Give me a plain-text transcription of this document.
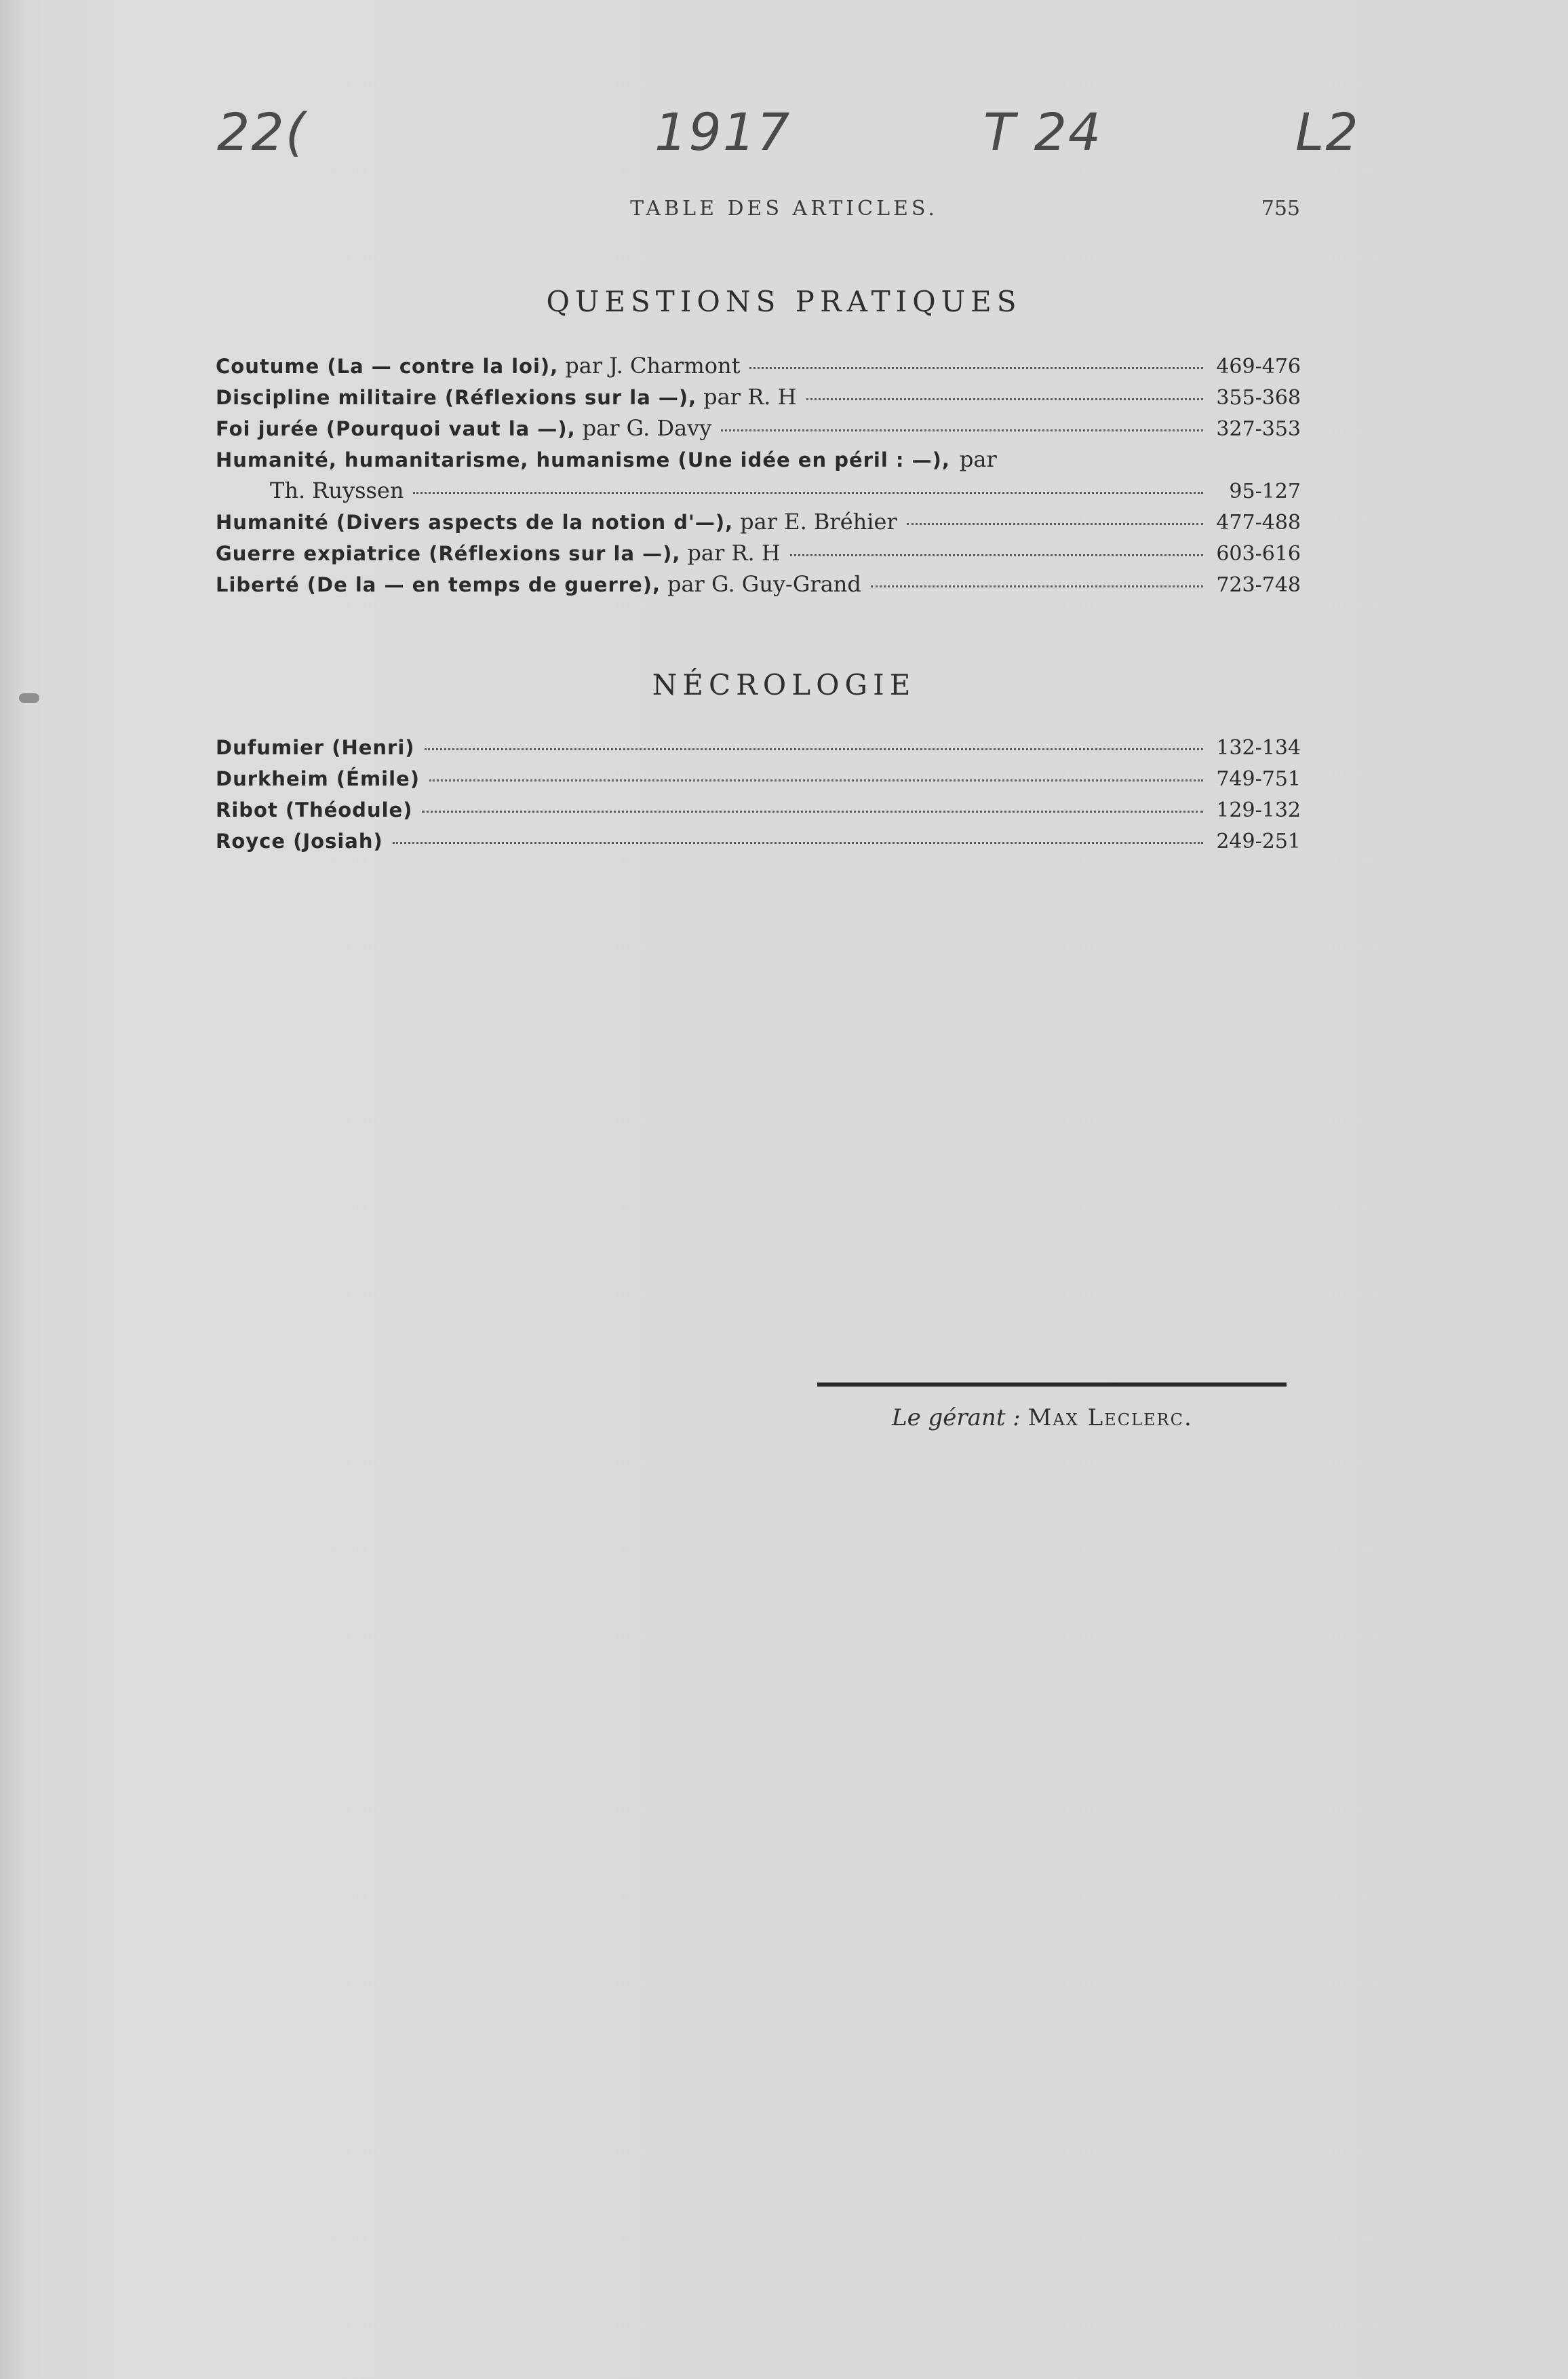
22(	1917	T 24	L2
TABLE DES ARTICLES.	755
QUESTIONS PRATIQUES
Coutume (La — contre la loi), par J. Charmont	469-476
Discipline militaire (Réflexions sur la —), par R. H	355-368
Foi jurée (Pourquoi vaut la —), par G. Davy	327-353
Humanité, humanitarisme, humanisme (Une idée en péril : —), par
Th. Ruyssen	95-127
Humanité (Divers aspects de la notion d'—), par E. Bréhier	477-488
Guerre expiatrice (Réflexions sur la —), par R. H	603-616
Liberté (De la — en temps de guerre), par G. Guy-Grand	723-748
NÉCROLOGIE
Dufumier (Henri)	132-134
Durkheim (Émile)	749-751
Ribot (Théodule)	129-132
Royce (Josiah)	249-251
Le gérant : Max Leclerc.
